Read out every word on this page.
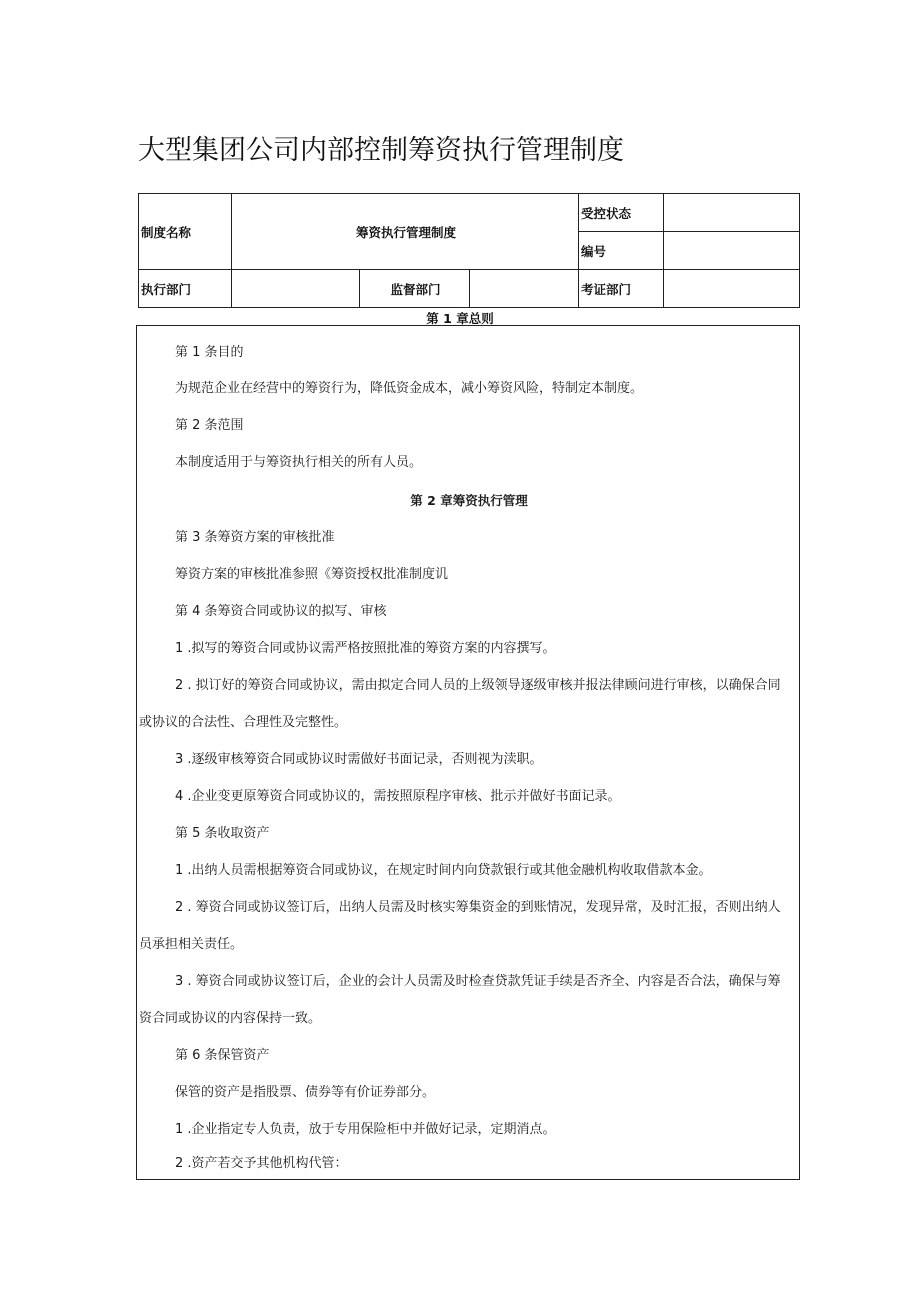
大型集团公司内部控制筹资执行管理制度
制度名称	筹资执行管理制度			受控状态	
				编号	
执行部门		监督部门		考证部门	
第 1 章总则
第 1 条目的
为规范企业在经营中的筹资行为，降低资金成本，减小筹资风险，特制定本制度。
第 2 条范围
本制度适用于与筹资执行相关的所有人员。
第 2 章筹资执行管理
第 3 条筹资方案的审核批准
筹资方案的审核批准参照《筹资授权批准制度讥
第 4 条筹资合同或协议的拟写、审核
1 .拟写的筹资合同或协议需严格按照批准的筹资方案的内容撰写。
2 . 拟订好的筹资合同或协议，需由拟定合同人员的上级领导逐级审核并报法律顾问进行审核，以确保合同
或协议的合法性、合理性及完整性。
3 .逐级审核筹资合同或协议时需做好书面记录，否则视为渎职。
4 .企业变更原筹资合同或协议的，需按照原程序审核、批示并做好书面记录。
第 5 条收取资产
1 .出纳人员需根据筹资合同或协议，在规定时间内向贷款银行或其他金融机构收取借款本金。
2 . 筹资合同或协议签订后，出纳人员需及时核实筹集资金的到账情况，发现异常，及时汇报，否则出纳人
员承担相关责任。
3 . 筹资合同或协议签订后，企业的会计人员需及时检查贷款凭证手续是否齐全、内容是否合法，确保与筹
资合同或协议的内容保持一致。
第 6 条保管资产
保管的资产是指股票、债券等有价证券部分。
1 .企业指定专人负责，放于专用保险柜中并做好记录，定期消点。
2 .资产若交予其他机构代管：
